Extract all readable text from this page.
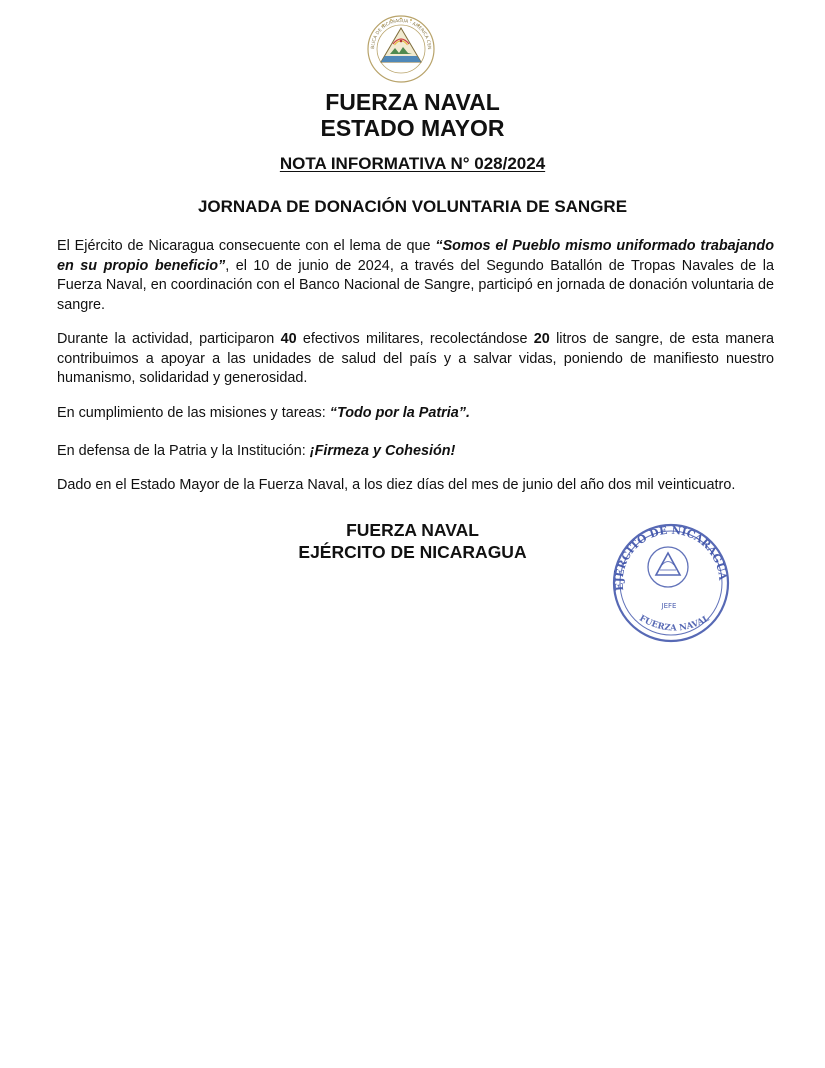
BLICA DE NICARAGUA · AMERICA CEN
FUERZA NAVAL
ESTADO MAYOR
NOTA INFORMATIVA N° 028/2024
JORNADA DE DONACIÓN VOLUNTARIA DE SANGRE

El Ejército de Nicaragua consecuente con el lema de que “Somos el Pueblo mismo uniformado trabajando en su propio beneficio”, el 10 de junio de 2024, a través del Segundo Batallón de Tropas Navales de la Fuerza Naval, en coordinación con el Banco Nacional de Sangre, participó en jornada de donación voluntaria de sangre.

Durante la actividad, participaron 40 efectivos militares, recolectándose 20 litros de sangre, de esta manera contribuimos a apoyar a las unidades de salud del país y a salvar vidas, poniendo de manifiesto nuestro humanismo, solidaridad y generosidad.

En cumplimiento de las misiones y tareas: “Todo por la Patria”.

En defensa de la Patria y la Institución: ¡Firmeza y Cohesión!

Dado en el Estado Mayor de la Fuerza Naval, a los diez días del mes de junio del año dos mil veinticuatro.

FUERZA NAVAL
EJÉRCITO DE NICARAGUA
EJÉRCITO DE NICARAGUA
JEFE
FUERZA NAVAL
